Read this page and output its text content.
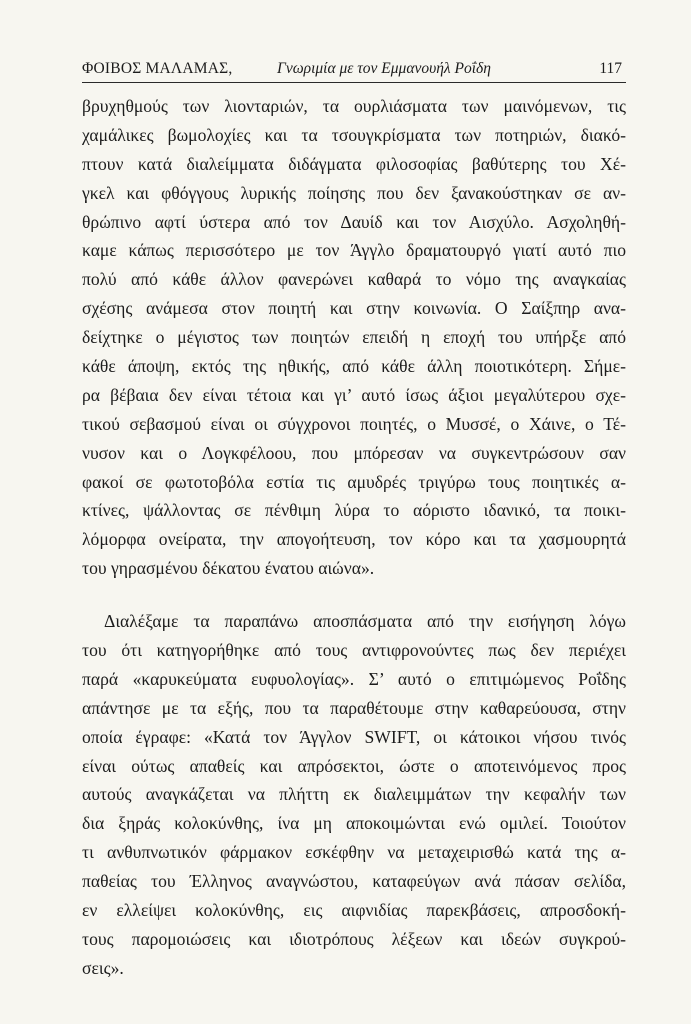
ΦΟΙΒΟΣ ΜΑΛΑΜΑΣ,	Γνωριμία με τον Εμμανουήλ Ροΐδη	117
βρυχηθμούς των λιονταριών, τα ουρλιάσματα των μαινόμενων, τις
χαμάλικες βωμολοχίες και τα τσουγκρίσματα των ποτηριών, διακό-
πτουν κατά διαλείμματα διδάγματα φιλοσοφίας βαθύτερης του Χέ-
γκελ και φθόγγους λυρικής ποίησης που δεν ξανακούστηκαν σε αν-
θρώπινο αφτί ύστερα από τον Δαυίδ και τον Αισχύλο. Ασχοληθή-
καμε κάπως περισσότερο με τον Άγγλο δραματουργό γιατί αυτό πιο
πολύ από κάθε άλλον φανερώνει καθαρά το νόμο της αναγκαίας
σχέσης ανάμεσα στον ποιητή και στην κοινωνία. Ο Σαίξπηρ ανα-
δείχτηκε ο μέγιστος των ποιητών επειδή η εποχή του υπήρξε από
κάθε άποψη, εκτός της ηθικής, από κάθε άλλη ποιοτικότερη. Σήμε-
ρα βέβαια δεν είναι τέτοια και γι’ αυτό ίσως άξιοι μεγαλύτερου σχε-
τικού σεβασμού είναι οι σύγχρονοι ποιητές, ο Μυσσέ, ο Χάινε, ο Τέ-
νυσον και ο Λογκφέλοου, που μπόρεσαν να συγκεντρώσουν σαν
φακοί σε φωτοτοβόλα εστία τις αμυδρές τριγύρω τους ποιητικές α-
κτίνες, ψάλλοντας σε πένθιμη λύρα το αόριστο ιδανικό, τα ποικι-
λόμορφα ονείρατα, την απογοήτευση, τον κόρο και τα χασμουρητά
του γηρασμένου δέκατου ένατου αιώνα».
Διαλέξαμε τα παραπάνω αποσπάσματα από την εισήγηση λόγω
του ότι κατηγορήθηκε από τους αντιφρονούντες πως δεν περιέχει
παρά «καρυκεύματα ευφυολογίας». Σ’ αυτό ο επιτιμώμενος Ροΐδης
απάντησε με τα εξής, που τα παραθέτουμε στην καθαρεύουσα, στην
οποία έγραφε: «Κατά τον Άγγλον SWIFT, οι κάτοικοι νήσου τινός
είναι ούτως απαθείς και απρόσεκτοι, ώστε ο αποτεινόμενος προς
αυτούς αναγκάζεται να πλήττη εκ διαλειμμάτων την κεφαλήν των
δια ξηράς κολοκύνθης, ίνα μη αποκοιμώνται ενώ ομιλεί. Τοιούτον
τι ανθυπνωτικόν φάρμακον εσκέφθην να μεταχειρισθώ κατά της α-
παθείας του Έλληνος αναγνώστου, καταφεύγων ανά πάσαν σελίδα,
εν ελλείψει κολοκύνθης, εις αιφνιδίας παρεκβάσεις, απροσδοκή-
τους παρομοιώσεις και ιδιοτρόπους λέξεων και ιδεών συγκρού-
σεις».
